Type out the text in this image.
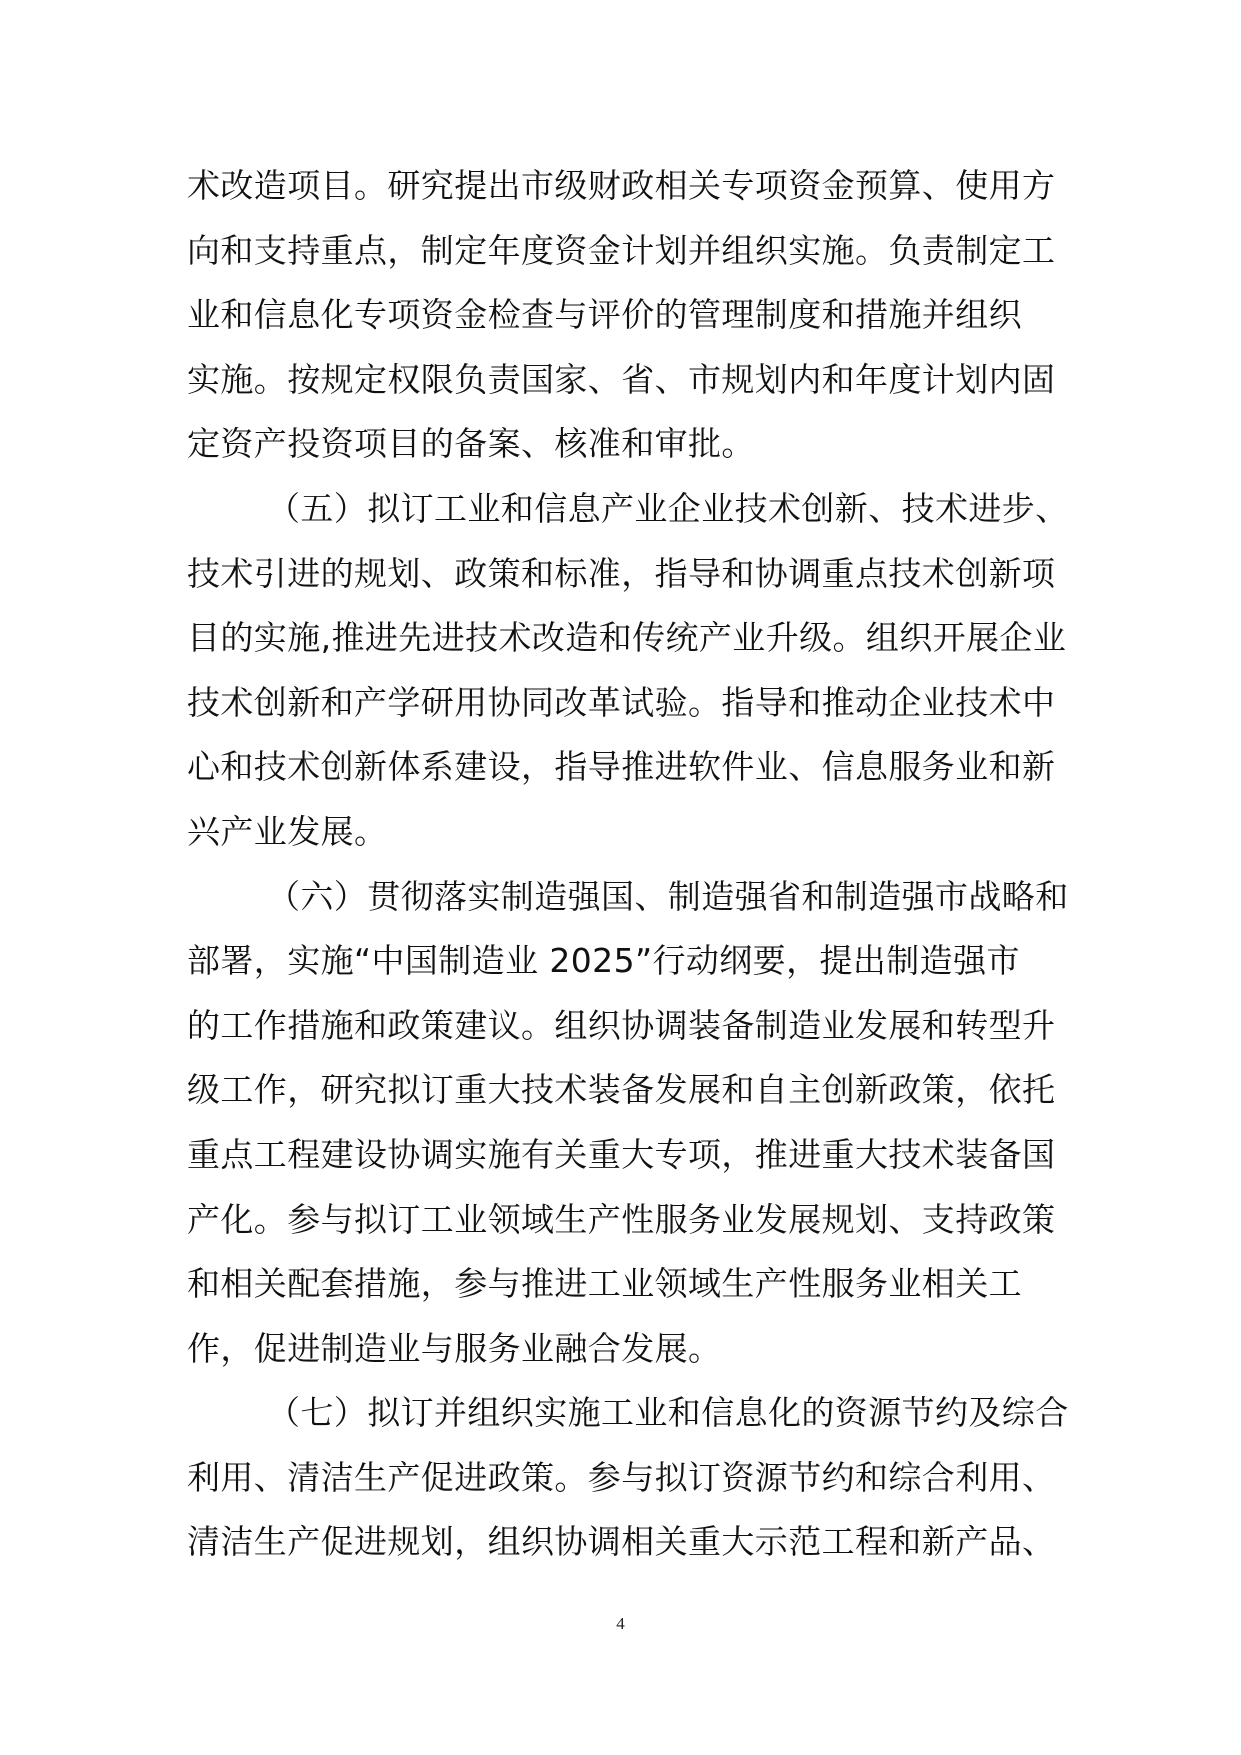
术改造项目。研究提出市级财政相关专项资金预算、使用方
向和支持重点，制定年度资金计划并组织实施。负责制定工
业和信息化专项资金检查与评价的管理制度和措施并组织
实施。按规定权限负责国家、省、市规划内和年度计划内固
定资产投资项目的备案、核准和审批。
（五）拟订工业和信息产业企业技术创新、技术进步、
技术引进的规划、政策和标准，指导和协调重点技术创新项
目的实施,推进先进技术改造和传统产业升级。组织开展企业
技术创新和产学研用协同改革试验。指导和推动企业技术中
心和技术创新体系建设，指导推进软件业、信息服务业和新
兴产业发展。
（六）贯彻落实制造强国、制造强省和制造强市战略和
部署，实施“中国制造业 2025”行动纲要，提出制造强市
的工作措施和政策建议。组织协调装备制造业发展和转型升
级工作，研究拟订重大技术装备发展和自主创新政策，依托
重点工程建设协调实施有关重大专项，推进重大技术装备国
产化。参与拟订工业领域生产性服务业发展规划、支持政策
和相关配套措施，参与推进工业领域生产性服务业相关工
作，促进制造业与服务业融合发展。
（七）拟订并组织实施工业和信息化的资源节约及综合
利用、清洁生产促进政策。参与拟订资源节约和综合利用、
清洁生产促进规划，组织协调相关重大示范工程和新产品、
4
